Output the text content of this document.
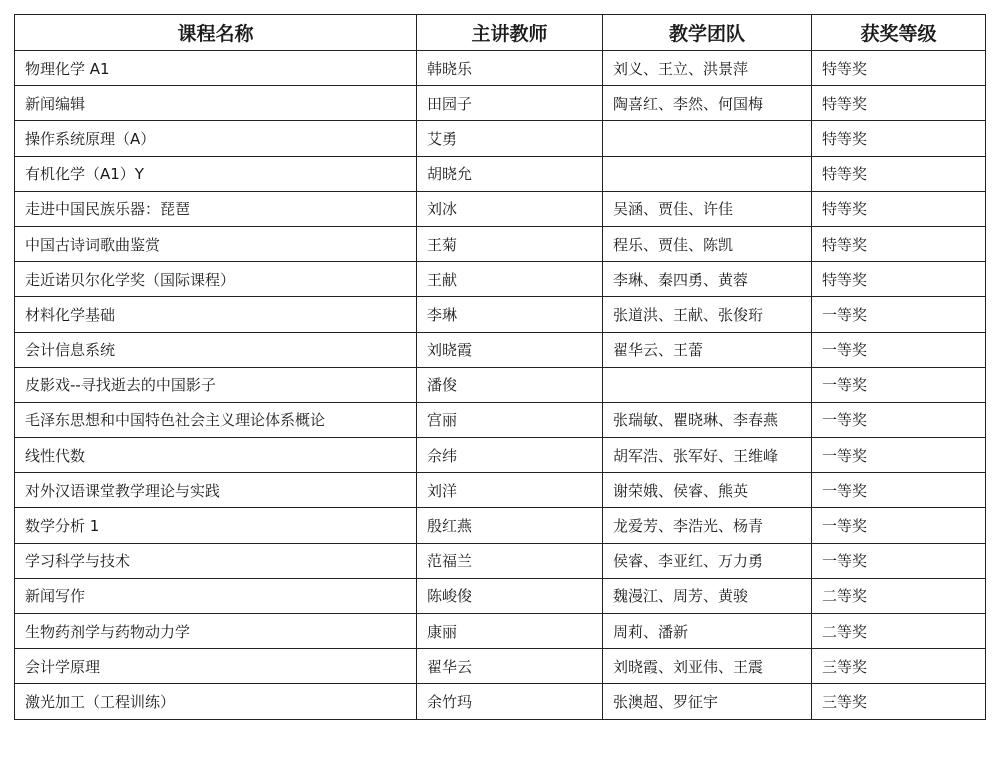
课程名称	主讲教师	教学团队	获奖等级
物理化学 A1	韩晓乐	刘义、王立、洪景萍	特等奖
新闻编辑	田园子	陶喜红、李然、何国梅	特等奖
操作系统原理（A）	艾勇		特等奖
有机化学（A1）Y	胡晓允		特等奖
走进中国民族乐器：琵琶	刘冰	吴涵、贾佳、许佳	特等奖
中国古诗词歌曲鉴赏	王菊	程乐、贾佳、陈凯	特等奖
走近诺贝尔化学奖（国际课程）	王献	李琳、秦四勇、黄蓉	特等奖
材料化学基础	李琳	张道洪、王献、张俊珩	一等奖
会计信息系统	刘晓霞	翟华云、王蕾	一等奖
皮影戏--寻找逝去的中国影子	潘俊		一等奖
毛泽东思想和中国特色社会主义理论体系概论	宫丽	张瑞敏、瞿晓琳、李春燕	一等奖
线性代数	佘纬	胡军浩、张军好、王维峰	一等奖
对外汉语课堂教学理论与实践	刘洋	谢荣娥、侯睿、熊英	一等奖
数学分析 1	殷红燕	龙爱芳、李浩光、杨青	一等奖
学习科学与技术	范福兰	侯睿、李亚红、万力勇	一等奖
新闻写作	陈峻俊	魏漫江、周芳、黄骏	二等奖
生物药剂学与药物动力学	康丽	周莉、潘新	二等奖
会计学原理	翟华云	刘晓霞、刘亚伟、王震	三等奖
激光加工（工程训练）	余竹玛	张澳超、罗征宇	三等奖
